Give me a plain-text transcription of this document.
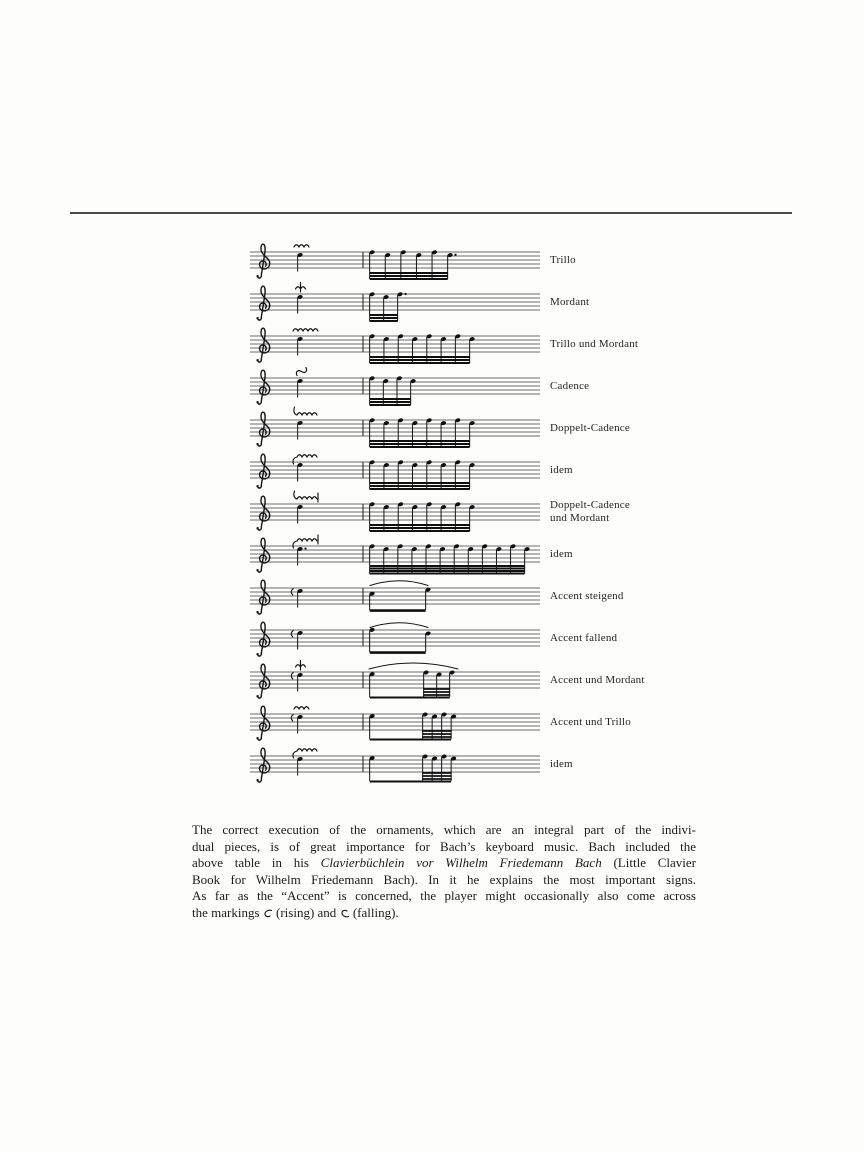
Trillo
Mordant
Trillo und Mordant
Cadence
Doppelt-Cadence
idem
Doppelt-Cadence
und Mordant
idem
Accent steigend
Accent fallend
Accent und Mordant
Accent und Trillo
idem
The correct execution of the ornaments, which are an integral part of the indivi-
dual pieces, is of great importance for Bach’s keyboard music. Bach included the
above table in his Clavierbüchlein vor Wilhelm Friedemann Bach (Little Clavier
Book for Wilhelm Friedemann Bach). In it he explains the most important signs.
As far as the “Accent” is concerned, the player might occasionally also come across
the markings  (rising) and  (falling).
